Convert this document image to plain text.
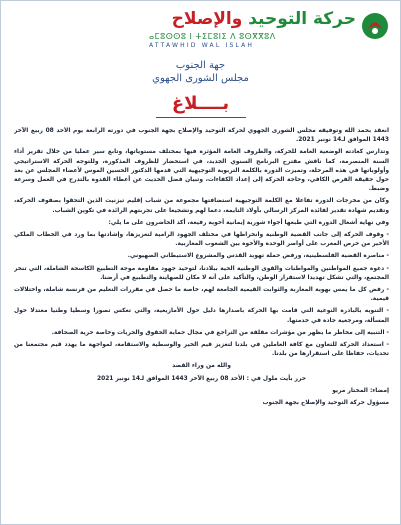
حركة التوحيد والإصلاح
ⴰⵎⵓⵙⵙⵓ ⵏ ⵜⵉⵎⵓⵏⵉ ⴷ ⵓⵙⴳⴳⵓⴷ
ATTAWHID WAL ISLAH
جهة الجنوب
مجلس الشورى الجهوي
بــــلاغ

انعقد بحمد الله وتوفيقه مجلس الشورى الجهوي لحركة التوحيد والإصلاح بجهة الجنوب في دورته الرابعة يوم الأحد 08 ربيع الآخر 1443 الموافق لـ14 نونبر 2021.

وتدارس كعادته الوضعية العامة للحركة، والظروف العامة المؤثرة فيها بمختلف مستوياتها، وتابع سير عمليا من خلال تقرير أداء السنة المنصرمة، كما ناقش مقترح البرنامج السنوي الجديد، في استحضار للظروف المذكورة، وللتوجه الحركة الاستراتيجي وأولوياتها في هذه المرحلة، وتميزت الدورة بالكلمة التربوية التوجيهية التي قدمها الدكتور الحسين الموس لأعضاء المجلس عن بعد حول حقيقة الفرص الكافي، وحاجة الحركة إلى إعداد الكفاءات، وتبيان فضل الحديث عن أعطاء القدوة بالتدرج في العمل وسرعة وضبط.

وكان من مخرجات الدورة تفاعلا مع الكلمة التوجيهية استضافتها مجموعة من شباب إقليم تيزنيت الذين التحقوا بصفوف الحركة، وتقديم شهادة تقدير لفائدة المركز الرسالي بأولاد التايمة، دعما لهم وتشجيعا على تجربتهم الرائدة في تكوين الشباب.

وفي نهاية أشغال الدورة التي طبعها أجواء شورية إيمانية أخوية رفيعة، أكد الحاضرون على ما يلي:

- وقوف الحركة إلى جانب القضية الوطنية وانخراطها في مختلف الجهود الرامية لتعزيزها، وإشادتها بما ورد في الخطاب الملكي الأخير من حرص المغرب على أواصر الوحدة والأخوة بين الشعوب المغاربية.

- مناصرة القضية الفلسطينية، ورفض حملة تهويد القدس والمشروع الاستيطاني الصهيوني.

- دعوة جميع المواطنين والمواطنات والقوى الوطنية الحية ببلادنا، لتوحيد جهود مقاومة موجة التطبيع الكاسحة الشاملة، التي تنخر المجتمع، والتي تشكل تهديدا لاستقرار الوطن، والتأكيد على أنه لا مكان للصهاينة والتطبيع في أرضنا.

- رفض كل ما يمس بهوية المغاربة والثوابت القيمية الجامعة لهم، خاصة ما حصل في مقررات التعليم من فرنسة شاملة، واختلالات قيمية.

- التنويه بالبادرة النوعية التي قامت بها الحركة باصدارها دليل حول الأمازيغية، والتي تعكس تصورا وسطيا وطنيا معتدلا حول المسألة، ومرجعية جادة في خدمتها.

- التنبيه إلى مخاطر ما يظهر من مؤشرات مقلقة من التراجع في مجال حماية الحقوق والحريات وخاصة حرية الصحافة.

- استعداد الحركة للتعاون مع كافة العاملين في بلدنا لتعزيز قيم الخير والوسطية والاستقامة، لمواجهة ما يهدد قيم مجتمعنا من تحديات، حفاظا على استقرارها من بلدنا.

والله من وراء القصد

حرر بأيت ملول في : الأحد 08 ربيع الآخر 1443 الموافق لـ14 نونبر 2021

إمضاء: المختار مريو

مسؤول حركة التوحيد والإصلاح بجهة الجنوب
